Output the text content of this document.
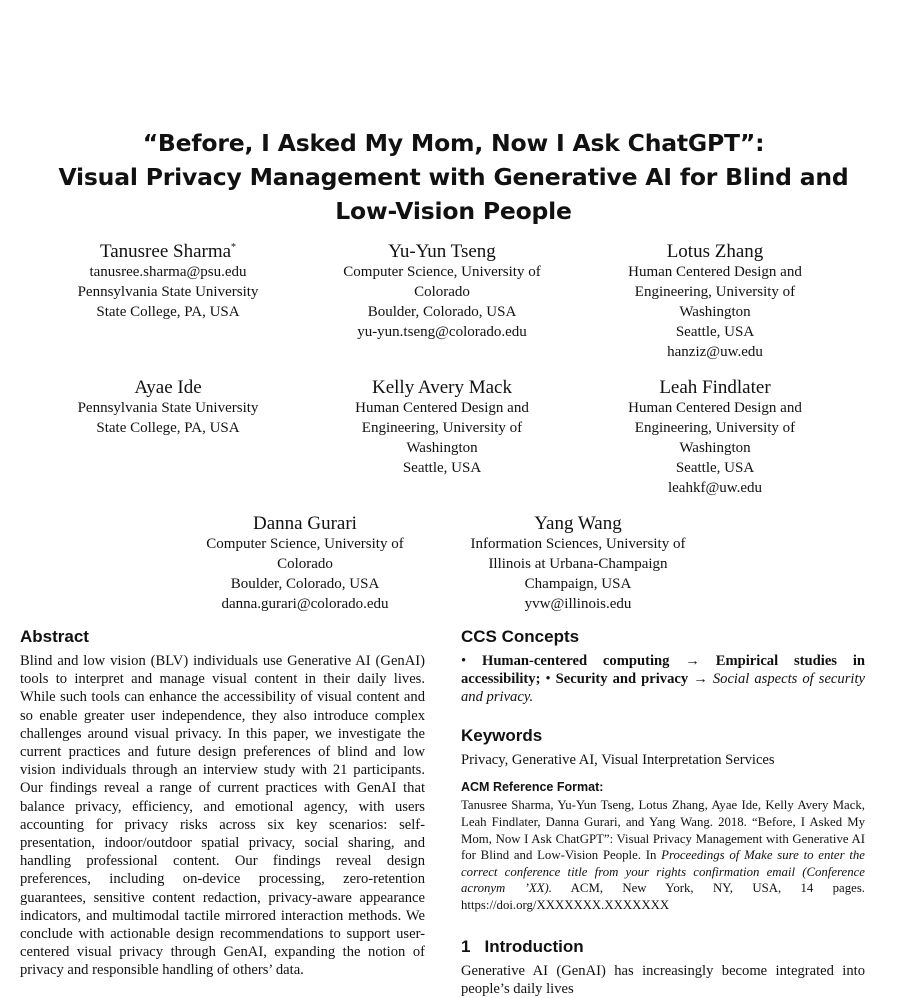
“Before, I Asked My Mom, Now I Ask ChatGPT”:
Visual Privacy Management with Generative AI for Blind and
Low-Vision People
Tanusree Sharma*
tanusree.sharma@psu.edu
Pennsylvania State University
State College, PA, USA
Yu-Yun Tseng
Computer Science, University of
Colorado
Boulder, Colorado, USA
yu-yun.tseng@colorado.edu
Lotus Zhang
Human Centered Design and
Engineering, University of
Washington
Seattle, USA
hanziz@uw.edu
Ayae Ide
Pennsylvania State University
State College, PA, USA
Kelly Avery Mack
Human Centered Design and
Engineering, University of
Washington
Seattle, USA
Leah Findlater
Human Centered Design and
Engineering, University of
Washington
Seattle, USA
leahkf@uw.edu
Danna Gurari
Computer Science, University of
Colorado
Boulder, Colorado, USA
danna.gurari@colorado.edu
Yang Wang
Information Sciences, University of
Illinois at Urbana-Champaign
Champaign, USA
yvw@illinois.edu
Abstract
Blind and low vision (BLV) individuals use Generative AI (GenAI) tools to interpret and manage visual content in their daily lives. While such tools can enhance the accessibility of visual content and so enable greater user independence, they also introduce complex challenges around visual privacy. In this paper, we investigate the current practices and future design preferences of blind and low vision individuals through an interview study with 21 participants. Our findings reveal a range of current practices with GenAI that balance privacy, efficiency, and emotional agency, with users accounting for privacy risks across six key scenarios: self-presentation, indoor/outdoor spatial privacy, social sharing, and handling professional content. Our findings reveal design preferences, including on-device processing, zero-retention guarantees, sensitive content redaction, privacy-aware appearance indicators, and multimodal tactile mirrored interaction methods. We conclude with actionable design recommendations to support user-centered visual privacy through GenAI, expanding the notion of privacy and responsible handling of others’ data.
CCS Concepts
• Human-centered computing → Empirical studies in accessibility; • Security and privacy → Social aspects of security and privacy.
Keywords
Privacy, Generative AI, Visual Interpretation Services
ACM Reference Format:
Tanusree Sharma, Yu-Yun Tseng, Lotus Zhang, Ayae Ide, Kelly Avery Mack, Leah Findlater, Danna Gurari, and Yang Wang. 2018. “Before, I Asked My Mom, Now I Ask ChatGPT”: Visual Privacy Management with Generative AI for Blind and Low-Vision People. In Proceedings of Make sure to enter the correct conference title from your rights confirmation email (Conference acronym ’XX). ACM, New York, NY, USA, 14 pages. https://doi.org/XXXXXXX.XXXXXXX
1 Introduction
Generative AI (GenAI) has increasingly become integrated into people’s daily lives
